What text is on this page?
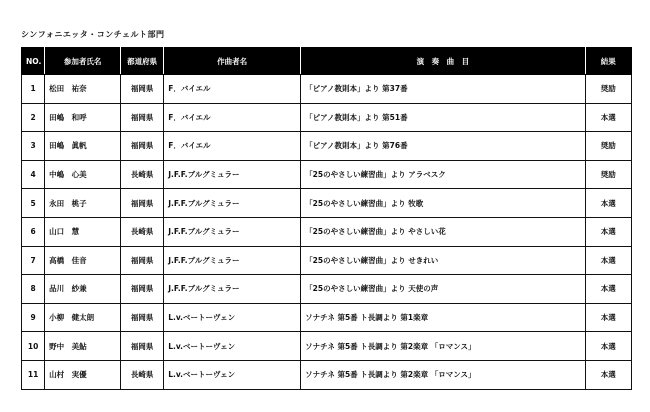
シンフォニエッタ・コンチェルト部門
NO.	参加者氏名	都道府県	作曲者名	演　奏　曲　目	結果
1	松田　祐奈	福岡県	F．バイエル	「ピアノ教則本」より 第37番	奨励
2	田嶋　和呼	福岡県	F．バイエル	「ピアノ教則本」より 第51番	本選
3	田嶋　眞帆	福岡県	F．バイエル	「ピアノ教則本」より 第76番	奨励
4	中嶋　心美	長崎県	J.F.F.ブルグミュラー	「25のやさしい練習曲」より アラベスク	奨励
5	永田　桃子	福岡県	J.F.F.ブルグミュラー	「25のやさしい練習曲」より 牧歌	本選
6	山口　慧	長崎県	J.F.F.ブルグミュラー	「25のやさしい練習曲」より やさしい花	本選
7	高橋　佳音	福岡県	J.F.F.ブルグミュラー	「25のやさしい練習曲」より せきれい	本選
8	品川　紗兼	福岡県	J.F.F.ブルグミュラー	「25のやさしい練習曲」より 天使の声	本選
9	小柳　健太朗	福岡県	L.v.ベートーヴェン	ソナチネ 第5番 ト長調より 第1楽章	本選
10	野中　美鮎	福岡県	L.v.ベートーヴェン	ソナチネ 第5番 ト長調より 第2楽章 「ロマンス」	本選
11	山村　実優	長崎県	L.v.ベートーヴェン	ソナチネ 第5番 ト長調より 第2楽章 「ロマンス」	本選
